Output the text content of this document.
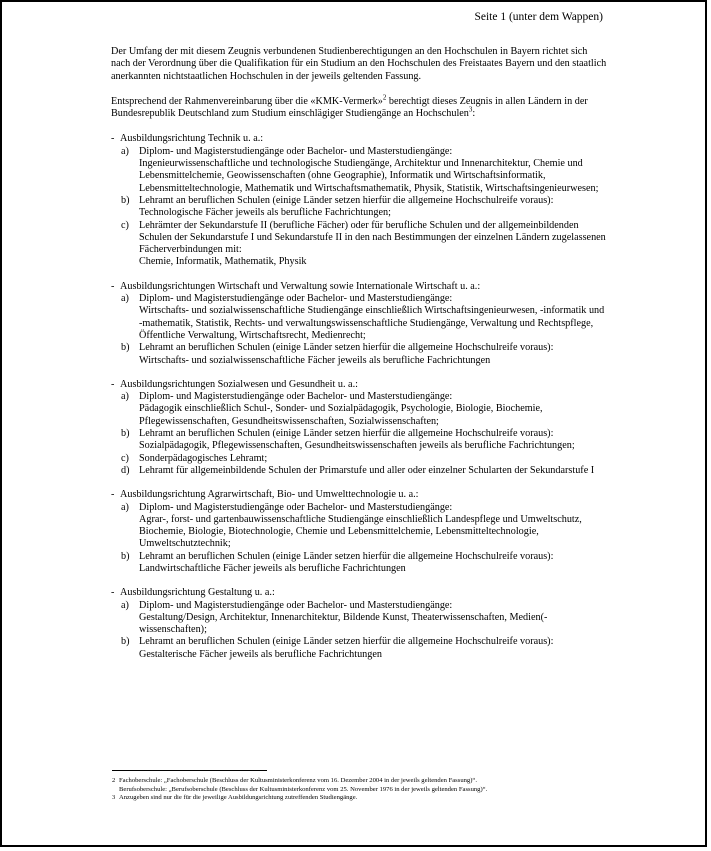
Seite 1 (unter dem Wappen)

Der Umfang der mit diesem Zeugnis verbundenen Studienberechtigungen an den Hochschulen in Bayern richtet sich nach der Verordnung über die Qualifikation für ein Studium an den Hochschulen des Freistaates Bayern und den staatlich anerkannten nichtstaatlichen Hochschulen in der jeweils geltenden Fassung.

Entsprechend der Rahmenvereinbarung über die «KMK-Vermerk»$^2$ berechtigt dieses Zeugnis in allen Ländern in der Bundesrepublik Deutschland zum Studium einschlägiger Studiengänge an Hochschulen$^3$:

- Ausbildungsrichtung Technik u. a.:
a) Diplom- und Magisterstudiengänge oder Bachelor- und Masterstudiengänge:
Ingenieurwissenschaftliche und technologische Studiengänge, Architektur und Innenarchitektur, Chemie und Lebensmittelchemie, Geowissenschaften (ohne Geographie), Informatik und Wirtschaftsinformatik, Lebensmitteltechnologie, Mathematik und Wirtschaftsmathematik, Physik, Statistik, Wirtschaftsingenieurwesen;
b) Lehramt an beruflichen Schulen (einige Länder setzen hierfür die allgemeine Hochschulreife voraus):
Technologische Fächer jeweils als berufliche Fachrichtungen;
c) Lehrämter der Sekundarstufe II (berufliche Fächer) oder für berufliche Schulen und der allgemeinbildenden Schulen der Sekundarstufe I und Sekundarstufe II in den nach Bestimmungen der einzelnen Ländern zugelassenen Fächerverbindungen mit:
Chemie, Informatik, Mathematik, Physik
- Ausbildungsrichtungen Wirtschaft und Verwaltung sowie Internationale Wirtschaft u. a.:
a) Diplom- und Magisterstudiengänge oder Bachelor- und Masterstudiengänge:
Wirtschafts- und sozialwissenschaftliche Studiengänge einschließlich Wirtschaftsingenieurwesen, -informatik und -mathematik, Statistik, Rechts- und verwaltungswissenschaftliche Studiengänge, Verwaltung und Rechtspflege, Öffentliche Verwaltung, Wirtschaftsrecht, Medienrecht;
b) Lehramt an beruflichen Schulen (einige Länder setzen hierfür die allgemeine Hochschulreife voraus):
Wirtschafts- und sozialwissenschaftliche Fächer jeweils als berufliche Fachrichtungen
- Ausbildungsrichtungen Sozialwesen und Gesundheit u. a.:
a) Diplom- und Magisterstudiengänge oder Bachelor- und Masterstudiengänge:
Pädagogik einschließlich Schul-, Sonder- und Sozialpädagogik, Psychologie, Biologie, Biochemie, Pflegewissenschaften, Gesundheitswissenschaften, Sozialwissenschaften;
b) Lehramt an beruflichen Schulen (einige Länder setzen hierfür die allgemeine Hochschulreife voraus):
Sozialpädagogik, Pflegewissenschaften, Gesundheitswissenschaften jeweils als berufliche Fachrichtungen;
c) Sonderpädagogisches Lehramt;
d) Lehramt für allgemeinbildende Schulen der Primarstufe und aller oder einzelner Schularten der Sekundarstufe I
- Ausbildungsrichtung Agrarwirtschaft, Bio- und Umwelttechnologie u. a.:
a) Diplom- und Magisterstudiengänge oder Bachelor- und Masterstudiengänge:
Agrar-, forst- und gartenbauwissenschaftliche Studiengänge einschließlich Landespflege und Umweltschutz, Biochemie, Biologie, Biotechnologie, Chemie und Lebensmittelchemie, Lebensmitteltechnologie, Umweltschutztechnik;
b) Lehramt an beruflichen Schulen (einige Länder setzen hierfür die allgemeine Hochschulreife voraus):
Landwirtschaftliche Fächer jeweils als berufliche Fachrichtungen
- Ausbildungsrichtung Gestaltung u. a.:
a) Diplom- und Magisterstudiengänge oder Bachelor- und Masterstudiengänge:
Gestaltung/Design, Architektur, Innenarchitektur, Bildende Kunst, Theaterwissenschaften, Medien(-wissenschaften);
b) Lehramt an beruflichen Schulen (einige Länder setzen hierfür die allgemeine Hochschulreife voraus):
Gestalterische Fächer jeweils als berufliche Fachrichtungen
2 Fachoberschule: „Fachoberschule (Beschluss der Kultusministerkonferenz vom 16. Dezember 2004 in der jeweils geltenden Fassung)“.
Berufsoberschule: „Berufsoberschule (Beschluss der Kultusministerkonferenz vom 25. November 1976 in der jeweils geltenden Fassung)“.
3 Anzugeben sind nur die für die jeweilige Ausbildungsrichtung zutreffenden Studiengänge.
